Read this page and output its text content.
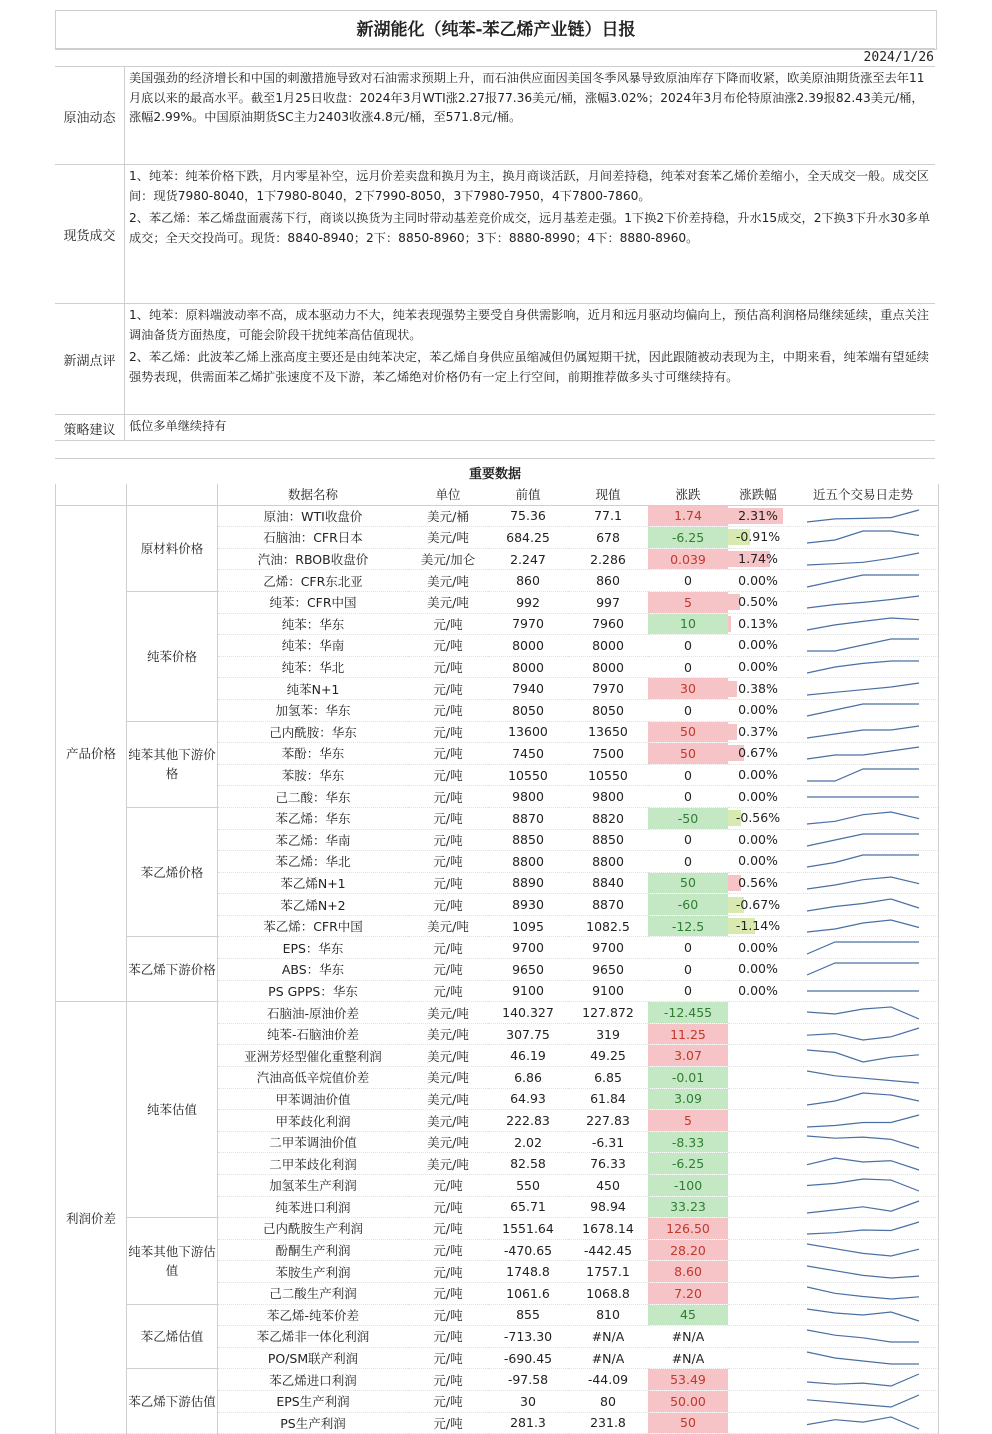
新湖能化（纯苯-苯乙烯产业链）日报
2024/1/26
原油动态

美国强劲的经济增长和中国的刺激措施导致对石油需求预期上升，而石油供应面因美国冬季风暴导致原油库存下降而收紧，欧美原油期货涨至去年11月底以来的最高水平。截至1月25日收盘：2024年3月WTI涨2.27报77.36美元/桶，涨幅3.02%；2024年3月布伦特原油涨2.39报82.43美元/桶，涨幅2.99%。中国原油期货SC主力2403收涨4.8元/桶，至571.8元/桶。

现货成交

1、纯苯：纯苯价格下跌，月内零星补空，远月价差卖盘和换月为主，换月商谈活跃，月间差持稳，纯苯对套苯乙烯价差缩小，全天成交一般。成交区间：现货7980-8040，1下7980-8040，2下7990-8050，3下7980-7950，4下7800-7860。

2、苯乙烯：苯乙烯盘面震荡下行，商谈以换货为主同时带动基差竞价成交，远月基差走强。1下换2下价差持稳，升水15成交，2下换3下升水30多单成交；全天交投尚可。现货：8840-8940；2下：8850-8960；3下：8880-8990；4下：8880-8960。

新湖点评

1、纯苯：原料端波动率不高，成本驱动力不大，纯苯表现强势主要受自身供需影响，近月和远月驱动均偏向上，预估高利润格局继续延续，重点关注调油备货方面热度，可能会阶段干扰纯苯高估值现状。

2、苯乙烯：此波苯乙烯上涨高度主要还是由纯苯决定，苯乙烯自身供应虽缩减但仍属短期干扰，因此跟随被动表现为主，中期来看，纯苯端有望延续强势表现，供需面苯乙烯扩张速度不及下游，苯乙烯绝对价格仍有一定上行空间，前期推荐做多头寸可继续持有。

策略建议	低位多单继续持有

重要数据
		数据名称	单位	前值	现值	涨跌	涨跌幅	近五个交易日走势
产品价格	原材料价格	原油：WTI收盘价	美元/桶	75.36	77.1	1.74	2.31%

		石脑油：CFR日本	美元/吨	684.25	678	-6.25	-0.91%

		汽油：RBOB收盘价	美元/加仑	2.247	2.286	0.039	1.74%

		乙烯：CFR东北亚	美元/吨	860	860	0	0.00%

	纯苯价格	纯苯：CFR中国	美元/吨	992	997	5	0.50%

		纯苯：华东	元/吨	7970	7960	10	0.13%

		纯苯：华南	元/吨	8000	8000	0	0.00%

		纯苯：华北	元/吨	8000	8000	0	0.00%

		纯苯N+1	元/吨	7940	7970	30	0.38%

		加氢苯：华东	元/吨	8050	8050	0	0.00%

	纯苯其他下游价格	己内酰胺：华东	元/吨	13600	13650	50	0.37%

		苯酚：华东	元/吨	7450	7500	50	0.67%

		苯胺：华东	元/吨	10550	10550	0	0.00%

		己二酸：华东	元/吨	9800	9800	0	0.00%

	苯乙烯价格	苯乙烯：华东	元/吨	8870	8820	-50	-0.56%

		苯乙烯：华南	元/吨	8850	8850	0	0.00%

		苯乙烯：华北	元/吨	8800	8800	0	0.00%

		苯乙烯N+1	元/吨	8890	8840	50	0.56%

		苯乙烯N+2	元/吨	8930	8870	-60	-0.67%

		苯乙烯：CFR中国	美元/吨	1095	1082.5	-12.5	-1.14%

	苯乙烯下游价格	EPS：华东	元/吨	9700	9700	0	0.00%

		ABS：华东	元/吨	9650	9650	0	0.00%

		PS GPPS：华东	元/吨	9100	9100	0	0.00%

利润价差	纯苯估值	石脑油-原油价差	美元/吨	140.327	127.872	-12.455		

		纯苯-石脑油价差	美元/吨	307.75	319	11.25		

		亚洲芳烃型催化重整利润	美元/吨	46.19	49.25	3.07		

		汽油高低辛烷值价差	美元/吨	6.86	6.85	-0.01		

		甲苯调油价值	美元/吨	64.93	61.84	3.09		

		甲苯歧化利润	美元/吨	222.83	227.83	5		

		二甲苯调油价值	美元/吨	2.02	-6.31	-8.33		

		二甲苯歧化利润	美元/吨	82.58	76.33	-6.25		

		加氢苯生产利润	元/吨	550	450	-100		

		纯苯进口利润	元/吨	65.71	98.94	33.23		

	纯苯其他下游估值	己内酰胺生产利润	元/吨	1551.64	1678.14	126.50		

		酚酮生产利润	元/吨	-470.65	-442.45	28.20		

		苯胺生产利润	元/吨	1748.8	1757.1	8.60		

		己二酸生产利润	元/吨	1061.6	1068.8	7.20		

	苯乙烯估值	苯乙烯-纯苯价差	元/吨	855	810	45		

		苯乙烯非一体化利润	元/吨	-713.30	#N/A	#N/A		

		PO/SM联产利润	元/吨	-690.45	#N/A	#N/A		

	苯乙烯下游估值	苯乙烯进口利润	元/吨	-97.58	-44.09	53.49		

		EPS生产利润	元/吨	30	80	50.00		

		PS生产利润	元/吨	281.3	231.8	50		
